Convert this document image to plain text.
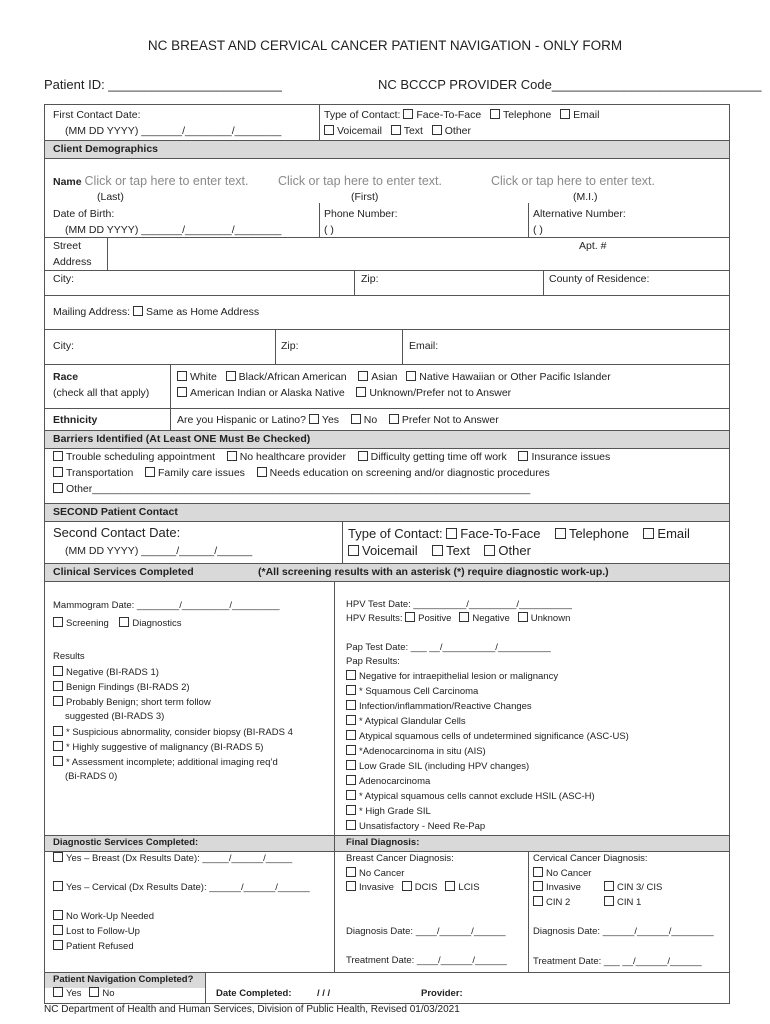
NC BREAST AND CERVICAL CANCER PATIENT NAVIGATION - ONLY FORM
Patient ID: ________________________	NC BCCCP PROVIDER Code_____________________________
First Contact Date:
(MM DD YYYY) _______/________/________
Type of Contact: Face-To-Face Telephone Email
Voicemail Text Other
Client Demographics
Name Click or tap here to enter text. Click or tap here to enter text.	Click or tap here to enter text.
(Last)	(First)	(M.I.)
Date of Birth:
(MM DD YYYY) _______/________/________
Phone Number:
( )
Alternative Number:
( )
Street
Address
Apt. #
City:	Zip:	County of Residence:
Mailing Address: Same as Home Address
City:	Zip:	Email:
Race
(check all that apply)
White Black/African American Asian Native Hawaiian or Other Pacific Islander
American Indian or Alaska Native Unknown/Prefer not to Answer
Ethnicity	Are you Hispanic or Latino? Yes No Prefer Not to Answer
Barriers Identified (At Least ONE Must Be Checked)
Trouble scheduling appointment No healthcare provider Difficulty getting time off work Insurance issues
Transportation Family care issues Needs education on screening and/or diagnostic procedures
Other___________________________________________________________________________
SECOND Patient Contact
Second Contact Date:
(MM DD YYYY) ______/______/______
Type of Contact: Face-To-Face Telephone Email
Voicemail Text Other
Clinical Services Completed	(*All screening results with an asterisk (*) require diagnostic work-up.)
Mammogram Date: ________/_________/_________
Screening Diagnostics
Results
Negative (BI-RADS 1)
Benign Findings (BI-RADS 2)
Probably Benign; short term follow
suggested (BI-RADS 3)
* Suspicious abnormality, consider biopsy (BI-RADS 4
* Highly suggestive of malignancy (BI-RADS 5)
* Assessment incomplete; additional imaging req’d
(Bi-RADS 0)
HPV Test Date: __________/_________/__________
HPV Results: Positive Negative Unknown
Pap Test Date: ___ __/__________/__________
Pap Results:
Negative for intraepithelial lesion or malignancy
* Squamous Cell Carcinoma
Infection/inflammation/Reactive Changes
* Atypical Glandular Cells
Atypical squamous cells of undetermined significance (ASC-US)
*Adenocarcinoma in situ (AIS)
Low Grade SIL (including HPV changes)
Adenocarcinoma
* Atypical squamous cells cannot exclude HSIL (ASC-H)
* High Grade SIL
Unsatisfactory - Need Re-Pap
Diagnostic Services Completed:	Final Diagnosis:
Yes – Breast (Dx Results Date): _____/______/_____
Yes – Cervical (Dx Results Date): ______/______/______
No Work-Up Needed
Lost to Follow-Up
Patient Refused
Breast Cancer Diagnosis:
No Cancer
Invasive DCIS LCIS
Diagnosis Date: ____/______/______
Treatment Date: ____/______/______
Cervical Cancer Diagnosis:
No Cancer
Invasive	CIN 3/ CIS
CIN 2	CIN 1
Diagnosis Date: ______/______/________
Treatment Date: ___ __/______/______
Patient Navigation Completed?
Yes No	Date Completed:	/ / /	Provider:
NC Department of Health and Human Services, Division of Public Health, Revised 01/03/2021
